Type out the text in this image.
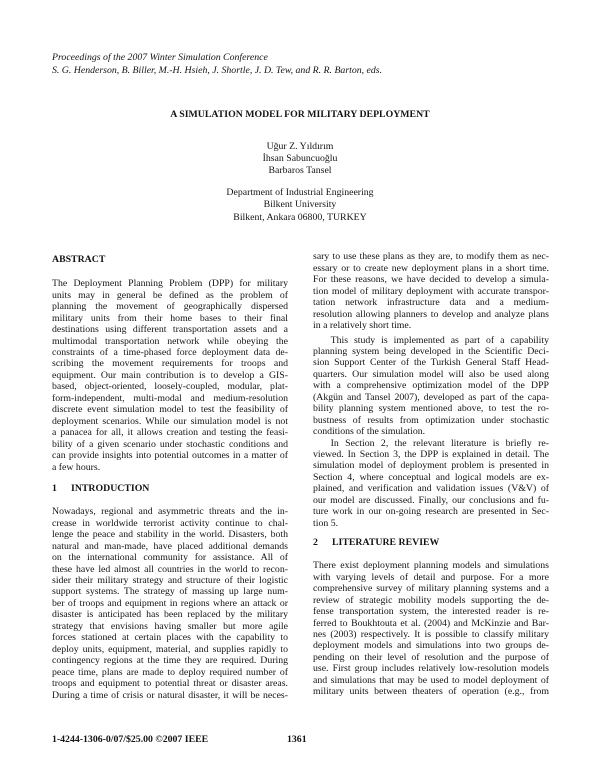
Proceedings of the 2007 Winter Simulation Conference
S. G. Henderson, B. Biller, M.-H. Hsieh, J. Shortle, J. D. Tew, and R. R. Barton, eds.
A SIMULATION MODEL FOR MILITARY DEPLOYMENT
Uğur Z. Yıldırım
İhsan Sabuncuoğlu
Barbaros Tansel
Department of Industrial Engineering
Bilkent University
Bilkent, Ankara 06800, TURKEY
ABSTRACT
The Deployment Planning Problem (DPP) for military
units may in general be defined as the problem of
planning the movement of geographically dispersed
military units from their home bases to their final
destinations using different transportation assets and a
multimodal transportation network while obeying the
constraints of a time-phased force deployment data de-
scribing the movement requirements for troops and
equipment. Our main contribution is to develop a GIS-
based, object-oriented, loosely-coupled, modular, plat-
form-independent, multi-modal and medium-resolution
discrete event simulation model to test the feasibility of
deployment scenarios. While our simulation model is not
a panacea for all, it allows creation and testing the feasi-
bility of a given scenario under stochastic conditions and
can provide insights into potential outcomes in a matter of
a few hours.
1 INTRODUCTION
Nowadays, regional and asymmetric threats and the in-
crease in worldwide terrorist activity continue to chal-
lenge the peace and stability in the world. Disasters, both
natural and man-made, have placed additional demands
on the international community for assistance. All of
these have led almost all countries in the world to recon-
sider their military strategy and structure of their logistic
support systems. The strategy of massing up large num-
ber of troops and equipment in regions where an attack or
disaster is anticipated has been replaced by the military
strategy that envisions having smaller but more agile
forces stationed at certain places with the capability to
deploy units, equipment, material, and supplies rapidly to
contingency regions at the time they are required. During
peace time, plans are made to deploy required number of
troops and equipment to potential threat or disaster areas.
During a time of crisis or natural disaster, it will be neces-
sary to use these plans as they are, to modify them as nec-
essary or to create new deployment plans in a short time.
For these reasons, we have decided to develop a simula-
tion model of military deployment with accurate transpor-
tation network infrastructure data and a medium-
resolution allowing planners to develop and analyze plans
in a relatively short time.
This study is implemented as part of a capability
planning system being developed in the Scientific Deci-
sion Support Center of the Turkish General Staff Head-
quarters. Our simulation model will also be used along
with a comprehensive optimization model of the DPP
(Akgün and Tansel 2007), developed as part of the capa-
bility planning system mentioned above, to test the ro-
bustness of results from optimization under stochastic
conditions of the simulation.
In Section 2, the relevant literature is briefly re-
viewed. In Section 3, the DPP is explained in detail. The
simulation model of deployment problem is presented in
Section 4, where conceptual and logical models are ex-
plained, and verification and validation issues (V&V) of
our model are discussed. Finally, our conclusions and fu-
ture work in our on-going research are presented in Sec-
tion 5.
2 LITERATURE REVIEW
There exist deployment planning models and simulations
with varying levels of detail and purpose. For a more
comprehensive survey of military planning systems and a
review of strategic mobility models supporting the de-
fense transportation system, the interested reader is re-
ferred to Boukhtouta et al. (2004) and McKinzie and Bar-
nes (2003) respectively. It is possible to classify military
deployment models and simulations into two groups de-
pending on their level of resolution and the purpose of
use. First group includes relatively low-resolution models
and simulations that may be used to model deployment of
military units between theaters of operation (e.g., from
1-4244-1306-0/07/$25.00 ©2007 IEEE	1361
